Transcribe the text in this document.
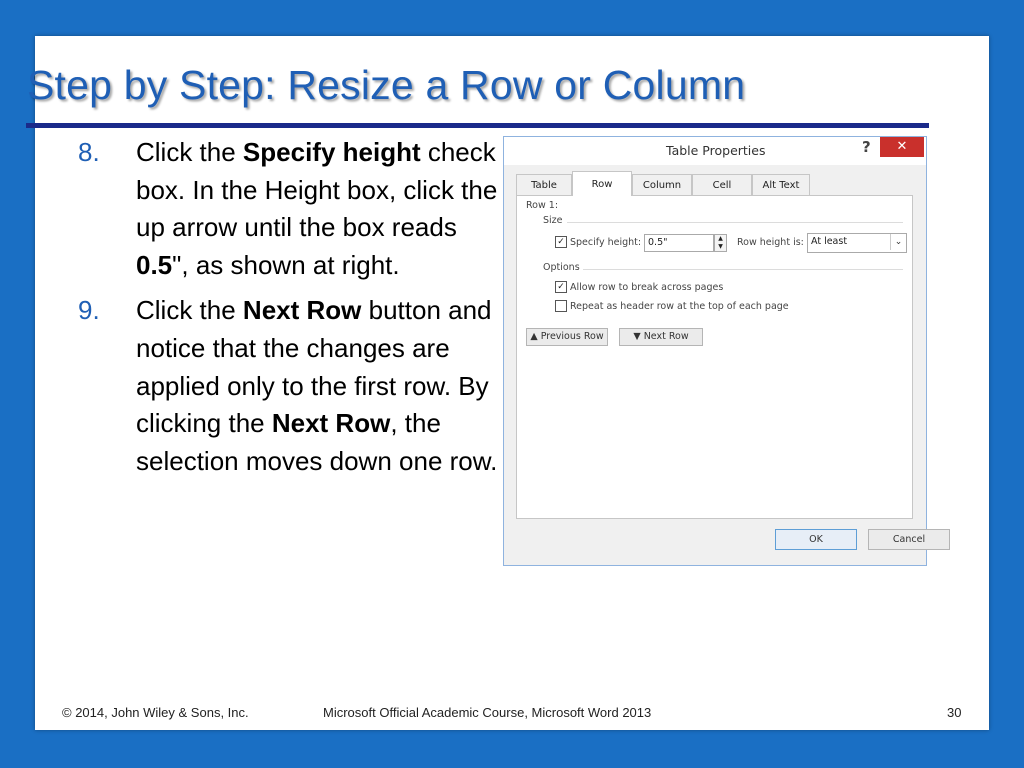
Step by Step: Resize a Row or Column
8. Click the Specify height check box. In the Height box, click the up arrow until the box reads 0.5", as shown at right.
9. Click the Next Row button and notice that the changes are applied only to the first row. By clicking the Next Row, the selection moves down one row.
Table Properties	?	✕
Table	Row	Column	Cell	Alt Text
Row 1:
Size
✓ Specify height: 0.5"	▲
▼	Row height is: At least	⌄
Options
✓ Allow row to break across pages
Repeat as header row at the top of each page
▲ Previous Row	▼ Next Row
OK	Cancel
© 2014, John Wiley & Sons, Inc.	Microsoft Official Academic Course, Microsoft Word 2013	30
